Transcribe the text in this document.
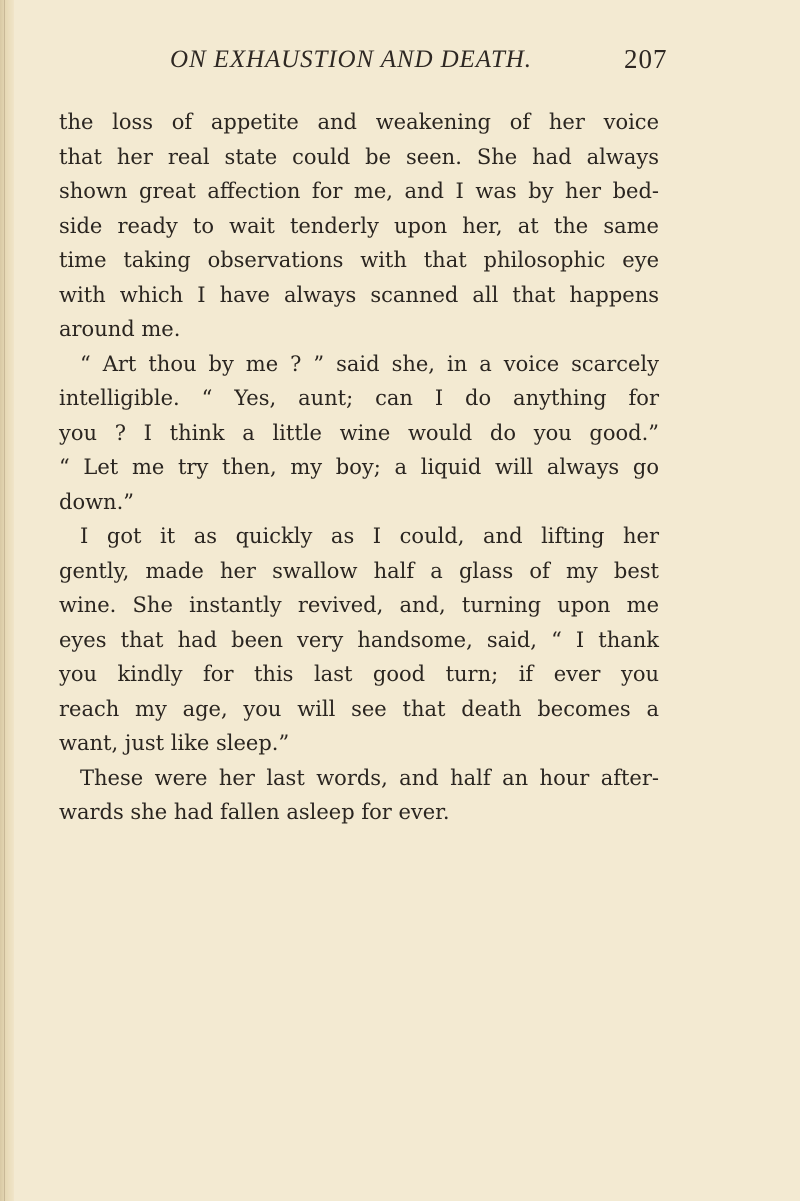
ON EXHAUSTION AND DEATH.	207
the loss of appetite and weakening of her voice
that her real state could be seen. She had always
shown great affection for me, and I was by her bed-
side ready to wait tenderly upon her, at the same
time taking observations with that philosophic eye
with which I have always scanned all that happens
around me.
“ Art thou by me ? ” said she, in a voice scarcely
intelligible. “ Yes, aunt; can I do anything for
you ? I think a little wine would do you good.”
“ Let me try then, my boy; a liquid will always go
down.”
I got it as quickly as I could, and lifting her
gently, made her swallow half a glass of my best
wine. She instantly revived, and, turning upon me
eyes that had been very handsome, said, “ I thank
you kindly for this last good turn; if ever you
reach my age, you will see that death becomes a
want, just like sleep.”
These were her last words, and half an hour after-
wards she had fallen asleep for ever.
